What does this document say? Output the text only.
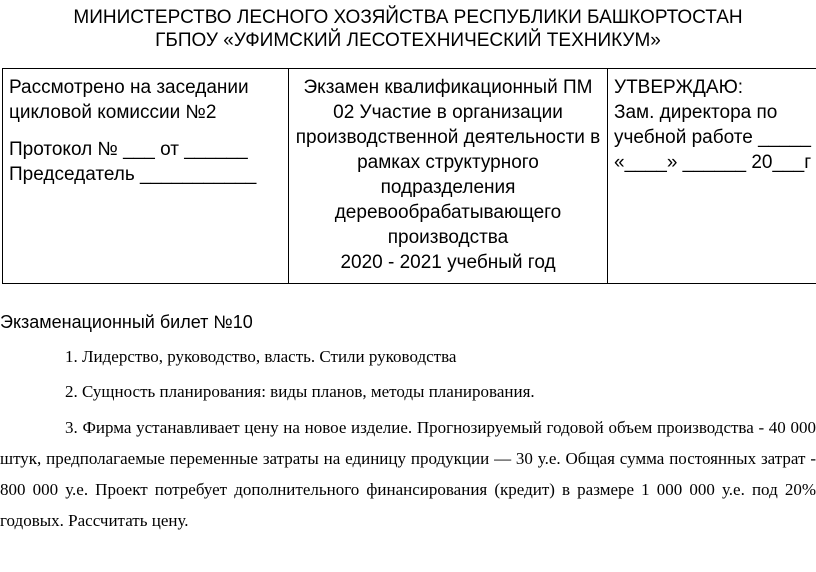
МИНИСТЕРСТВО ЛЕСНОГО ХОЗЯЙСТВА РЕСПУБЛИКИ БАШКОРТОСТАН
ГБПОУ «УФИМСКИЙ ЛЕСОТЕХНИЧЕСКИЙ ТЕХНИКУМ»
Рассмотрено на заседании
цикловой комиссии №2
Протокол № ___ от ______
Председатель ___________

Экзамен квалификационный ПМ 02 Участие в организации производственной деятельности в рамках структурного подразделения деревообрабатывающего производства
2020 - 2021 учебный год

УТВЕРЖДАЮ:
Зам. директора по
учебной работе _____
«____» ______ 20___г
Экзаменационный билет №10
1. Лидерство, руководство, власть. Стили руководства
2. Сущность планирования: виды планов, методы планирования.
3. Фирма устанавливает цену на новое изделие. Прогнозируемый годовой объем производства - 40 000 штук, предполагаемые переменные затраты на единицу продукции — 30 у.е. Общая сумма постоянных затрат - 800 000 у.е. Проект потребует дополнительного финансирования (кредит) в размере 1 000 000 у.е. под 20% годовых. Рассчитать цену.
